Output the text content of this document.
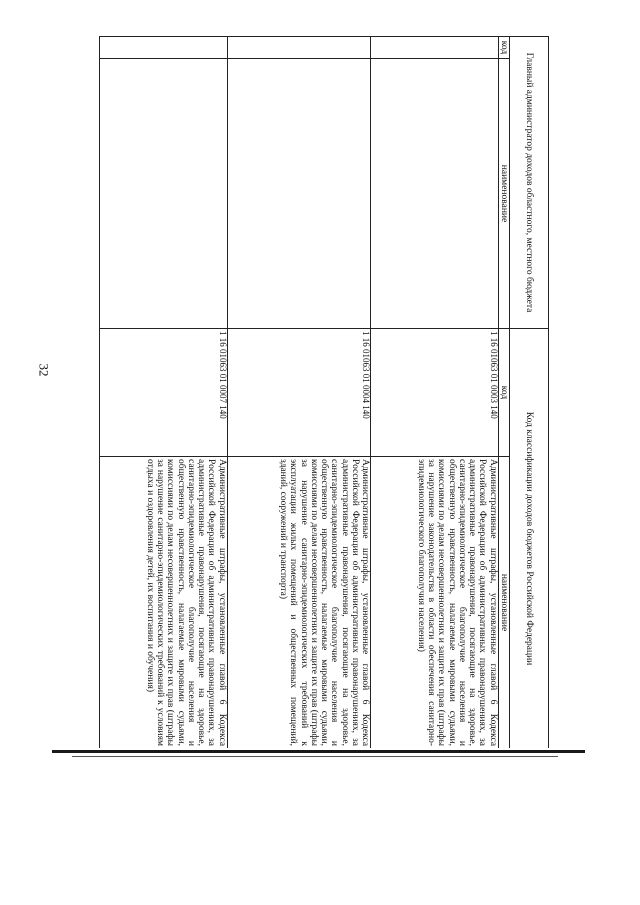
32
Главный администратор доходов областного, местного бюджета		Код классификации доходов бюджетов Российской Федерации	
код	наименование	код	наименование
		1 16 01063 01 0003 140	Административные штрафы, установленные главой 6 Кодекса Российской Федерации об административных правонарушениях, за административные правонарушения, посягающие на здоровье, санитарно-эпидемиологическое благополучие населения и общественную нравственность, налагаемые мировыми судьями, комиссиями по делам несовершеннолетних и защите их прав (штрафы за нарушение законодательства в области обеспечения санитарно-эпидемиологического благополучия населения)
		1 16 01063 01 0004 140	Административные штрафы, установленные главой 6 Кодекса Российской Федерации об административных правонарушениях, за административные правонарушения, посягающие на здоровье, санитарно-эпидемиологическое благополучие населения и общественную нравственность, налагаемые мировыми судьями, комиссиями по делам несовершеннолетних и защите их прав (штрафы за нарушение санитарно-эпидемиологических требований к эксплуатации жилых помещений и общественных помещений, зданий, сооружений и транспорта)
		1 16 01063 01 0007 140	Административные штрафы, установленные главой 6 Кодекса Российской Федерации об административных правонарушениях, за административные правонарушения, посягающие на здоровье, санитарно-эпидемиологическое благополучие населения и общественную нравственность, налагаемые мировыми судьями, комиссиями по делам несовершеннолетних и защите их прав (штрафы за нарушение санитарно-эпидемиологических требований к условиям отдыха и оздоровления детей, их воспитания и обучения)
